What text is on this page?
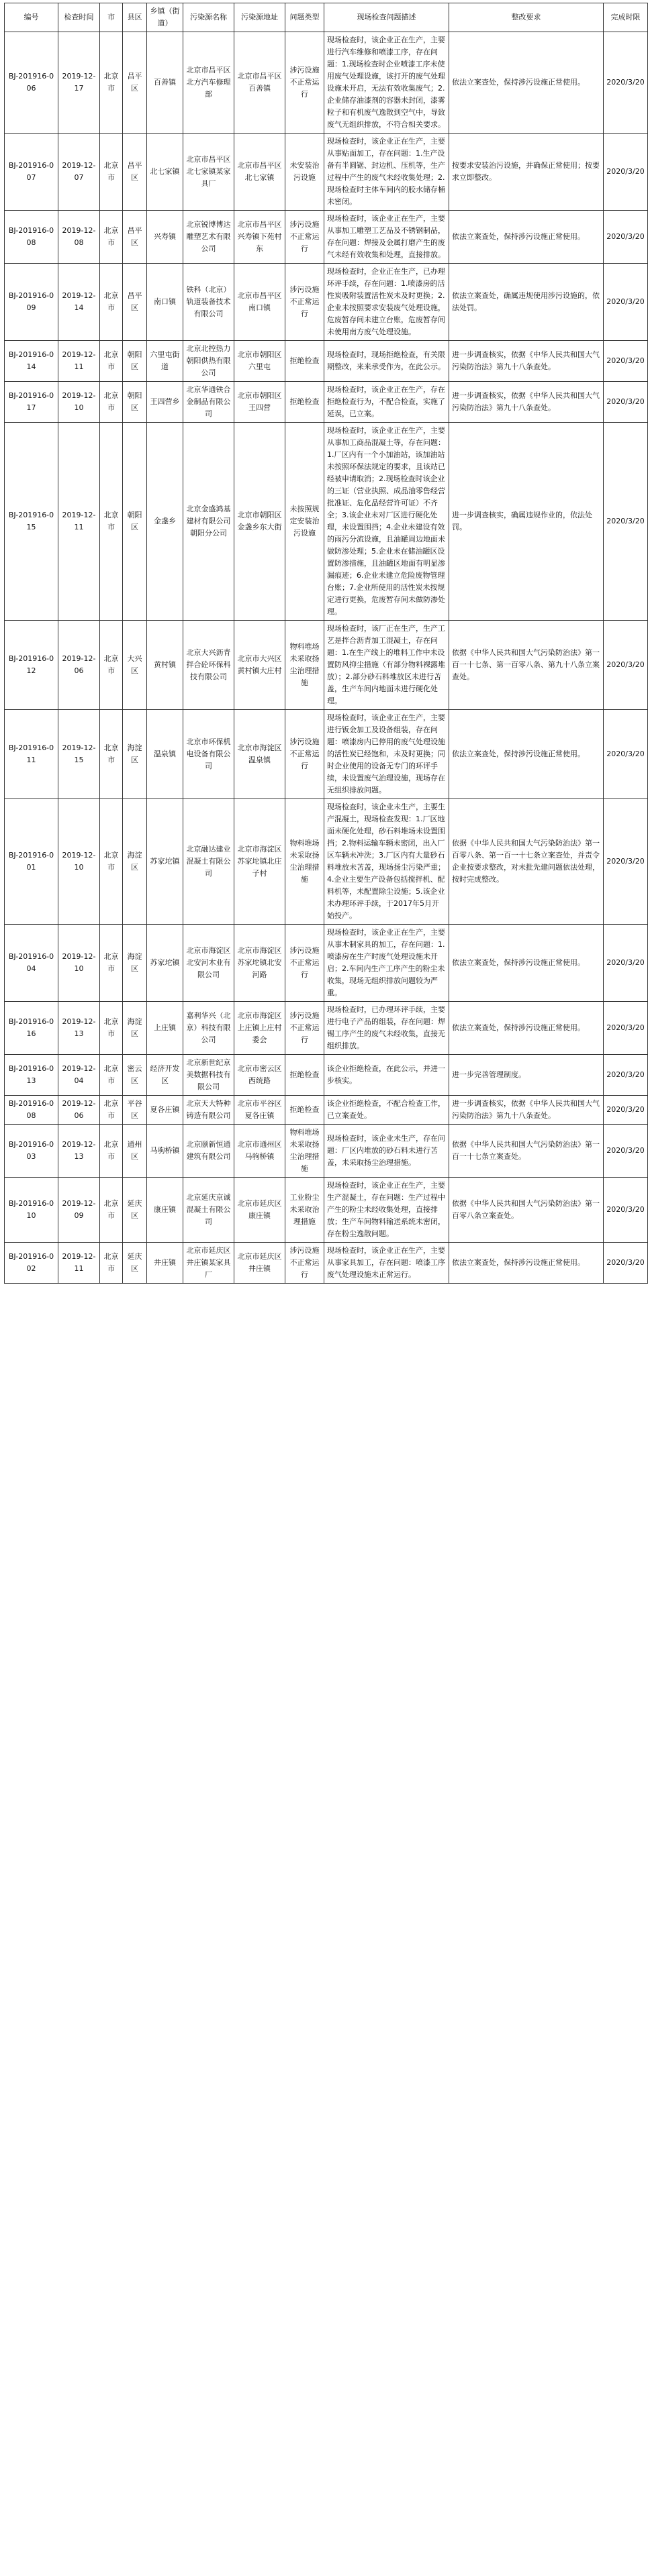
编号	检查时间	市	县区	乡镇（街道）	污染源名称	污染源地址	问题类型	现场检查问题描述	整改要求	完成时限
BJ-201916-006	2019-12-17	北京市	昌平区	百善镇	北京市昌平区北方汽车修理部	北京市昌平区百善镇	涉污设施不正常运行	现场检查时，该企业正在生产，主要进行汽车维修和喷漆工序，存在问题：1.现场检查时企业喷漆工序未使用废气处理设施，该打开的废气处理设施未开启，无法有效收集废气；2.企业储存油漆剂的容器未封闭，漆雾粒子和有机废气逸散到空气中，导致废气无组织排放，不符合相关要求。	依法立案查处，保持涉污设施正常使用。	2020/3/20
BJ-201916-007	2019-12-07	北京市	昌平区	北七家镇	北京市昌平区北七家镇某家具厂	北京市昌平区北七家镇	未安装治污设施	现场检查时，该企业正在生产，主要从事贴面加工，存在问题：1.生产设备有半圆锯、封边机、压机等，生产过程中产生的废气未经收集处理；2.现场检查时主体车间内的胶水储存桶未密闭。	按要求安装治污设施，并确保正常使用；按要求立即整改。	2020/3/20
BJ-201916-008	2019-12-08	北京市	昌平区	兴寿镇	北京锐博博达雕塑艺术有限公司	北京市昌平区兴寿镇下苑村东	涉污设施不正常运行	现场检查时，该企业正在生产，主要从事加工雕塑工艺品及不锈钢制品，存在问题：焊接及金属打磨产生的废气未经有效收集和处理，直接排放。	依法立案查处，保持涉污设施正常使用。	2020/3/20
BJ-201916-009	2019-12-14	北京市	昌平区	南口镇	铁科（北京）轨道装备技术有限公司	北京市昌平区南口镇	涉污设施不正常运行	现场检查时，企业正在生产，已办理环评手续，存在问题：1.喷漆房的活性炭吸附装置活性炭未及时更换；2.企业未按照要求安装废气处理设施，危废暂存间未建立台账，危废暂存间未使用南方废气处理设施。	依法立案查处，确属违规使用涉污设施的，依法处罚。	2020/3/20
BJ-201916-014	2019-12-11	北京市	朝阳区	六里屯街道	北京北控热力朝阳供热有限公司	北京市朝阳区六里屯	拒绝检查	现场检查时，现场拒绝检查，有关限期整改，来来承受作为，在此公示。	进一步调查核实，依据《中华人民共和国大气污染防治法》第九十八条查处。	2020/3/20
BJ-201916-017	2019-12-10	北京市	朝阳区	王四营乡	北京华通铁合金制品有限公司	北京市朝阳区王四营	拒绝检查	现场检查时，该企业正在生产，存在拒绝检查行为，不配合检查，实施了延误，已立案。	进一步调查核实，依据《中华人民共和国大气污染防治法》第九十八条查处。	2020/3/20
BJ-201916-015	2019-12-11	北京市	朝阳区	金盏乡	北京金盛鸿基建材有限公司朝阳分公司	北京市朝阳区金盏乡东大街	未按照规定安装治污设施	现场检查时，该企业正在生产，主要从事加工商品混凝土等，存在问题：1.厂区内有一个小加油站，该加油站未按照环保法规定的要求，且该站已经被申请取消；2.现场检查时该企业的三证（营业执照、成品油零售经营批准证、危化品经营许可证）不齐全；3.该企业未对厂区进行硬化处理，未设置围挡；4.企业未建设有效的雨污分流设施，且油罐周边地面未做防渗处理；5.企业未在储油罐区设置防渗措施，且油罐区地面有明显渗漏痕迹；6.企业未建立危险废物管理台账；7.企业所使用的活性炭未按规定进行更换，危废暂存间未做防渗处理。	进一步调查核实，确属违规作业的，依法处罚。	2020/3/20
BJ-201916-012	2019-12-06	北京市	大兴区	黄村镇	北京大兴沥青拌合砼环保科技有限公司	北京市大兴区黄村镇大庄村	物料堆场未采取扬尘治理措施	现场检查时，该厂正在生产，生产工艺是拌合沥青加工混凝土，存在问题：1.在生产线上的堆料工作中未设置防风抑尘措施（有部分物料裸露堆放）；2.部分砂石料堆放区未进行苫盖，生产车间内地面未进行硬化处理。	依据《中华人民共和国大气污染防治法》第一百一十七条、第一百零八条、第九十八条立案查处。	2020/3/20
BJ-201916-011	2019-12-15	北京市	海淀区	温泉镇	北京市环保机电设备有限公司	北京市海淀区温泉镇	涉污设施不正常运行	现场检查时，该企业正在生产，主要进行钣金加工及设备组装，存在问题：喷漆房内已停用的废气处理设施的活性炭已经饱和，未及时更换；同时企业使用的设备无专门的环评手续，未设置废气治理设施，现场存在无组织排放问题。	依法立案查处，保持涉污设施正常使用。	2020/3/20
BJ-201916-001	2019-12-10	北京市	海淀区	苏家坨镇	北京融达建业混凝土有限公司	北京市海淀区苏家坨镇北庄子村	物料堆场未采取扬尘治理措施	现场检查时，该企业未生产，主要生产混凝土，现场检查发现：1.厂区地面未硬化处理，砂石料堆场未设置围挡；2.物料运输车辆未密闭，出入厂区车辆未冲洗；3.厂区内有大量砂石料堆放未苫盖，现场扬尘污染严重；4.企业主要生产设备包括搅拌机、配料机等，未配置除尘设施；5.该企业未办理环评手续，于2017年5月开始投产。	依据《中华人民共和国大气污染防治法》第一百零八条、第一百一十七条立案查处，并责令企业按要求整改，对未批先建问题依法处理，按时完成整改。	2020/3/20
BJ-201916-004	2019-12-10	北京市	海淀区	苏家坨镇	北京市海淀区北安河木业有限公司	北京市海淀区苏家坨镇北安河路	涉污设施不正常运行	现场检查时，该企业正在生产，主要从事木制家具的加工，存在问题：1.喷漆房在生产时废气处理设施未开启；2.车间内生产工序产生的粉尘未收集，现场无组织排放问题较为严重。	依法立案查处，保持涉污设施正常使用。	2020/3/20
BJ-201916-016	2019-12-13	北京市	海淀区	上庄镇	嘉利华兴（北京）科技有限公司	北京市海淀区上庄镇上庄村委会	涉污设施不正常运行	现场检查时，已办理环评手续，主要进行电子产品的组装，存在问题：焊锡工序产生的废气未经收集，直接无组织排放。	依法立案查处，保持涉污设施正常使用。	2020/3/20
BJ-201916-013	2019-12-04	北京市	密云区	经济开发区	北京新世纪京美数据科技有限公司	北京市密云区西统路	拒绝检查	该企业拒绝检查，在此公示，并进一步核实。	进一步完善管理制度。	2020/3/20
BJ-201916-008	2019-12-06	北京市	平谷区	夏各庄镇	北京天大特种铸造有限公司	北京市平谷区夏各庄镇	拒绝检查	该企业拒绝检查，不配合检查工作，已立案查处。	进一步调查核实，依据《中华人民共和国大气污染防治法》第九十八条查处。	2020/3/20
BJ-201916-003	2019-12-13	北京市	通州区	马驹桥镇	北京颐新恒通建筑有限公司	北京市通州区马驹桥镇	物料堆场未采取扬尘治理措施	现场检查时，该企业未生产，存在问题：厂区内堆放的砂石料未进行苫盖，未采取扬尘治理措施。	依据《中华人民共和国大气污染防治法》第一百一十七条立案查处。	2020/3/20
BJ-201916-010	2019-12-09	北京市	延庆区	康庄镇	北京延庆京诚混凝土有限公司	北京市延庆区康庄镇	工业粉尘未采取治理措施	现场检查时，该企业正在生产，主要生产混凝土，存在问题：生产过程中产生的粉尘未经收集处理，直接排放；生产车间物料输送系统未密闭，存在粉尘逸散问题。	依据《中华人民共和国大气污染防治法》第一百零八条立案查处。	2020/3/20
BJ-201916-002	2019-12-11	北京市	延庆区	井庄镇	北京市延庆区井庄镇某家具厂	北京市延庆区井庄镇	涉污设施不正常运行	现场检查时，该企业正在生产，主要从事家具加工，存在问题：喷漆工序废气处理设施未正常运行。	依法立案查处，保持涉污设施正常使用。	2020/3/20
